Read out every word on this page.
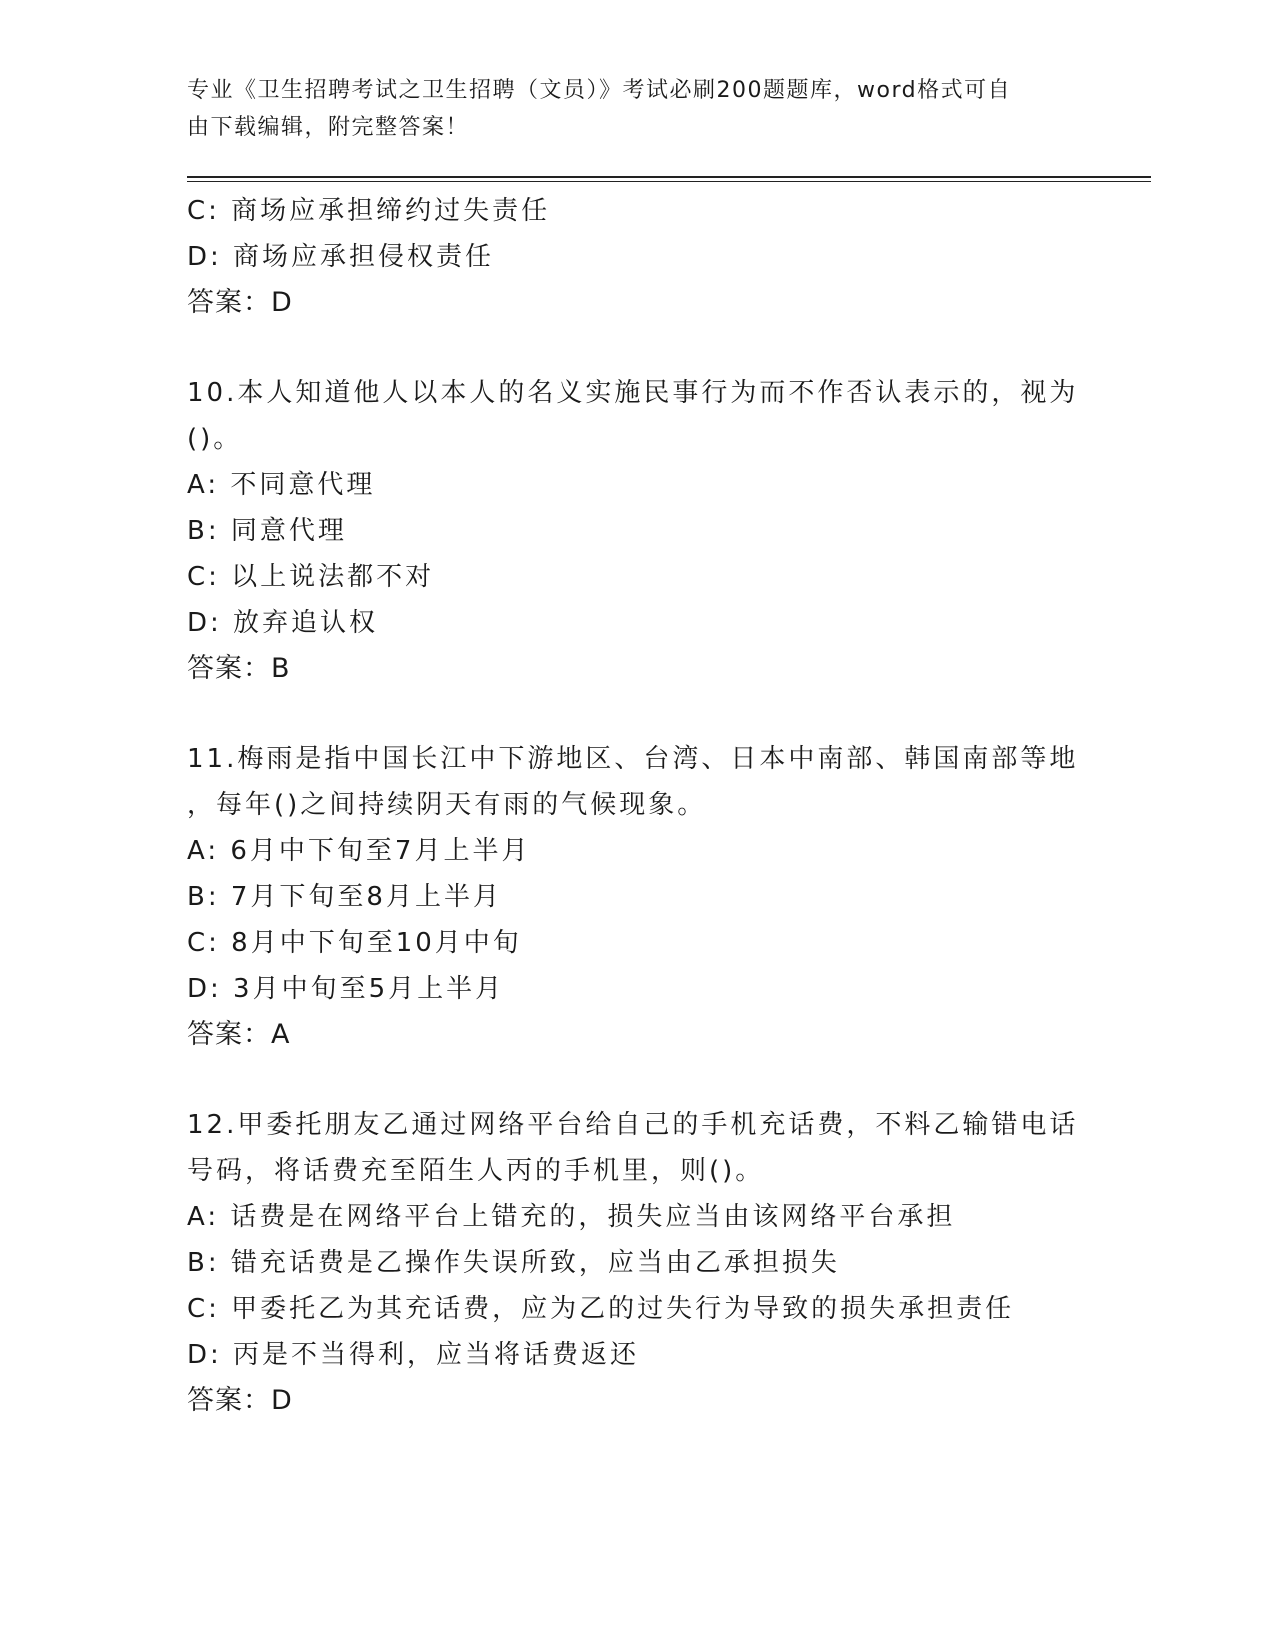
专业《卫生招聘考试之卫生招聘（文员）》考试必刷200题题库，word格式可自
由下载编辑，附完整答案！
C: 商场应承担缔约过失责任
D: 商场应承担侵权责任
答案：D
10.本人知道他人以本人的名义实施民事行为而不作否认表示的，视为
()。
A: 不同意代理
B: 同意代理
C: 以上说法都不对
D: 放弃追认权
答案：B
11.梅雨是指中国长江中下游地区、台湾、日本中南部、韩国南部等地
，每年()之间持续阴天有雨的气候现象。
A: 6月中下旬至7月上半月
B: 7月下旬至8月上半月
C: 8月中下旬至10月中旬
D: 3月中旬至5月上半月
答案：A
12.甲委托朋友乙通过网络平台给自己的手机充话费，不料乙输错电话
号码，将话费充至陌生人丙的手机里，则()。
A: 话费是在网络平台上错充的，损失应当由该网络平台承担
B: 错充话费是乙操作失误所致，应当由乙承担损失
C: 甲委托乙为其充话费，应为乙的过失行为导致的损失承担责任
D: 丙是不当得利，应当将话费返还
答案：D
